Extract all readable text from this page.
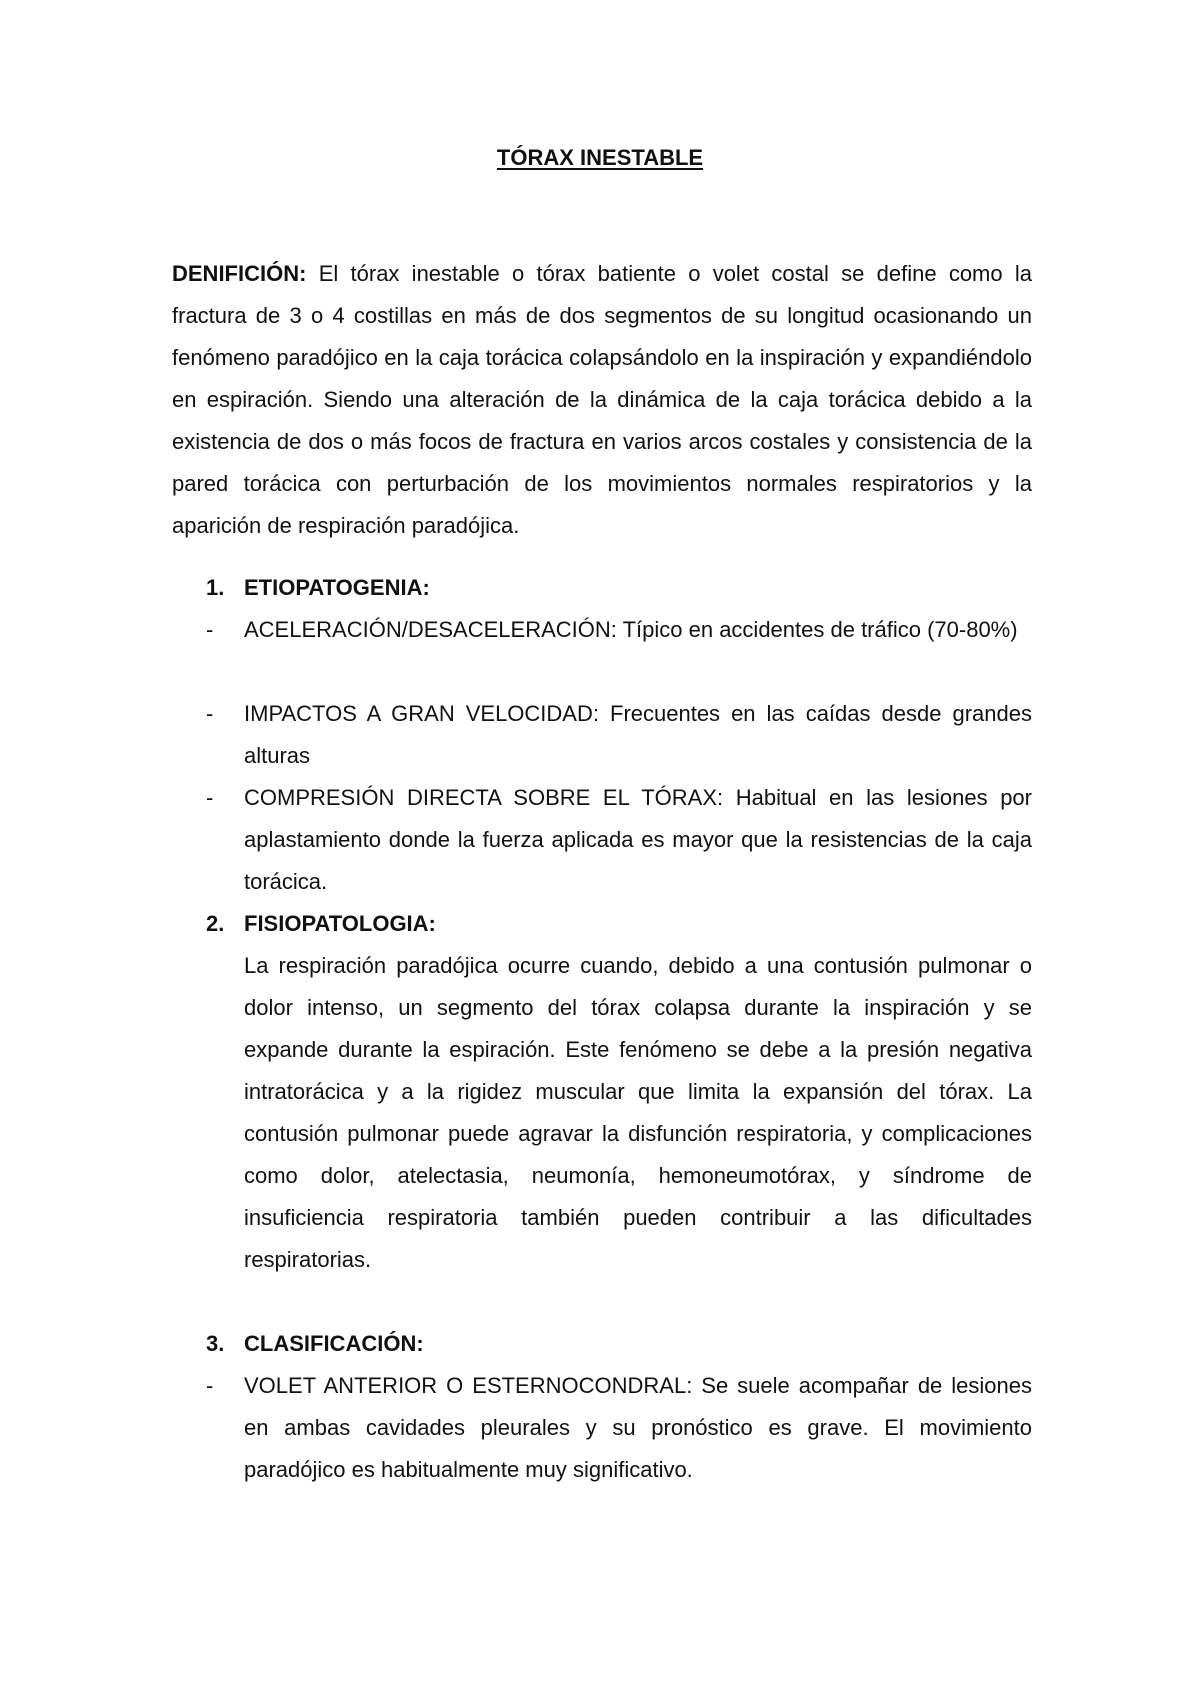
TÓRAX INESTABLE
DENIFICIÓN: El tórax inestable o tórax batiente o volet costal se define como la fractura de 3 o 4 costillas en más de dos segmentos de su longitud ocasionando un fenómeno paradójico en la caja torácica colapsándolo en la inspiración y expandiéndolo en espiración. Siendo una alteración de la dinámica de la caja torácica debido a la existencia de dos o más focos de fractura en varios arcos costales y consistencia de la pared torácica con perturbación de los movimientos normales respiratorios y la aparición de respiración paradójica.
1. ETIOPATOGENIA:
- ACELERACIÓN/DESACELERACIÓN: Típico en accidentes de tráfico (70-80%)
- IMPACTOS A GRAN VELOCIDAD: Frecuentes en las caídas desde grandes alturas
- COMPRESIÓN DIRECTA SOBRE EL TÓRAX: Habitual en las lesiones por aplastamiento donde la fuerza aplicada es mayor que la resistencias de la caja torácica.
2. FISIOPATOLOGIA:
La respiración paradójica ocurre cuando, debido a una contusión pulmonar o dolor intenso, un segmento del tórax colapsa durante la inspiración y se expande durante la espiración. Este fenómeno se debe a la presión negativa intratorácica y a la rigidez muscular que limita la expansión del tórax. La contusión pulmonar puede agravar la disfunción respiratoria, y complicaciones como dolor, atelectasia, neumonía, hemoneumotórax, y síndrome de insuficiencia respiratoria también pueden contribuir a las dificultades respiratorias.
3. CLASIFICACIÓN:
- VOLET ANTERIOR O ESTERNOCONDRAL: Se suele acompañar de lesiones en ambas cavidades pleurales y su pronóstico es grave. El movimiento paradójico es habitualmente muy significativo.
